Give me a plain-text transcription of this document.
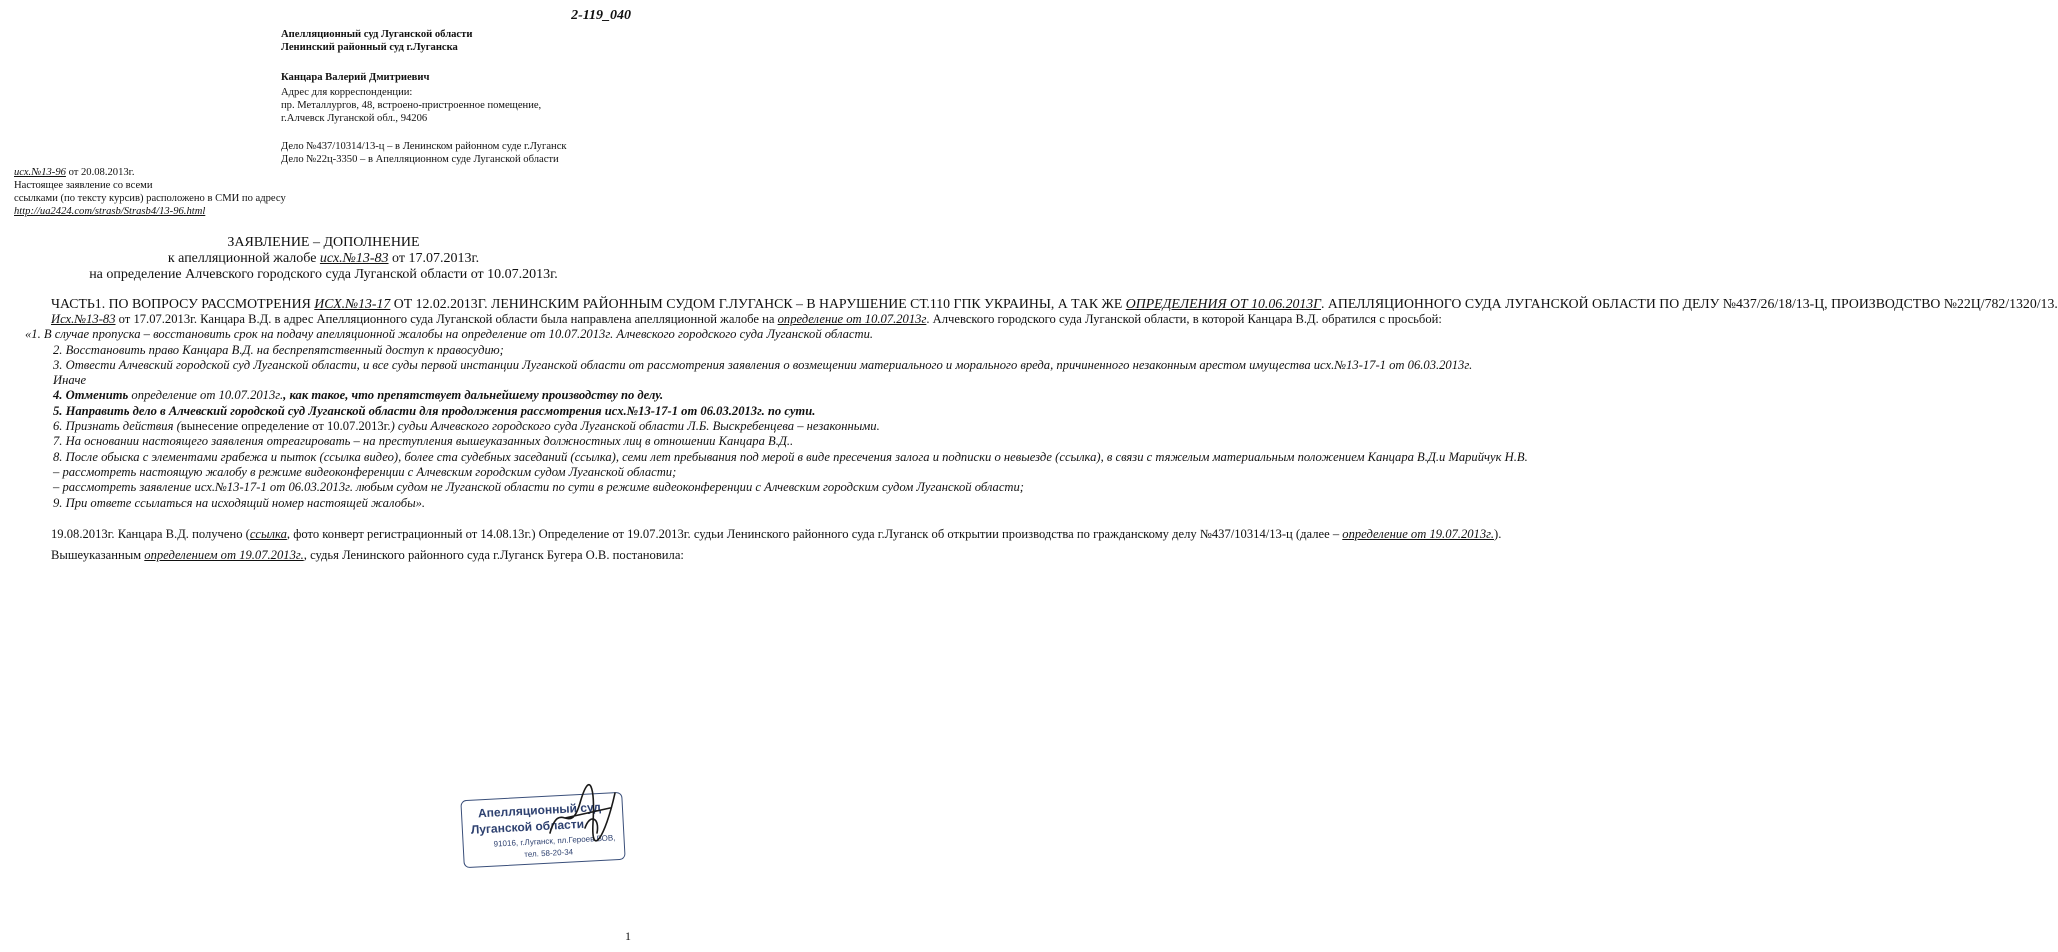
2-119_040
Апелляционный суд Луганской области
Ленинский районный суд г.Луганска
Канцара Валерий Дмитриевич
Адрес для корреспонденции:
пр. Металлургов, 48, встроено-пристроенное помещение,
г.Алчевск Луганской обл., 94206
Дело №437/10314/13-ц – в Ленинском районном суде г.Луганск
Дело №22ц-3350 – в Апелляционном суде Луганской области
исх.№13-96 от 20.08.2013г.
Настоящее заявление со всеми
ссылками (по тексту курсив) расположено в СМИ по адресу
http://ua2424.com/strasb/Strasb4/13-96.html
ЗАЯВЛЕНИЕ – ДОПОЛНЕНИЕ
к апелляционной жалобе исх.№13-83 от 17.07.2013г.
на определение Алчевского городского суда Луганской области от 10.07.2013г.

ЧАСТЬ1. ПО ВОПРОСУ РАССМОТРЕНИЯ ИСХ.№13-17 ОТ 12.02.2013Г. ЛЕНИНСКИМ РАЙОННЫМ СУДОМ Г.ЛУГАНСК – В НАРУШЕНИЕ СТ.110 ГПК УКРАИНЫ, А ТАК ЖЕ ОПРЕДЕЛЕНИЯ ОТ 10.06.2013Г. АПЕЛЛЯЦИОННОГО СУДА ЛУГАНСКОЙ ОБЛАСТИ ПО ДЕЛУ №437/26/18/13-Ц, ПРОИЗВОДСТВО №22Ц/782/1320/13.

Исх.№13-83 от 17.07.2013г. Канцара В.Д. в адрес Апелляционного суда Луганской области была направлена апелляционной жалобе на определение от 10.07.2013г. Алчевского городского суда Луганской области, в которой Канцара В.Д. обратился с просьбой:

«1. В случае пропуска – восстановить срок на подачу апелляционной жалобы на определение от 10.07.2013г. Алчевского городского суда Луганской области.

2. Восстановить право Канцара В.Д. на беспрепятственный доступ к правосудию;

3. Отвести Алчевский городской суд Луганской области, и все суды первой инстанции Луганской области от рассмотрения заявления о возмещении материального и морального вреда, причиненного незаконным арестом имущества исх.№13-17-1 от 06.03.2013г.

Иначе

4. Отменить определение от 10.07.2013г., как такое, что препятствует дальнейшему производству по делу.

5. Направить дело в Алчевский городской суд Луганской области для продолжения рассмотрения исх.№13-17-1 от 06.03.2013г. по сути.

6. Признать действия (вынесение определение от 10.07.2013г.) судьи Алчевского городского суда Луганской области Л.Б. Выскребенцева – незаконными.

7. На основании настоящего заявления отреагировать – на преступления вышеуказанных должностных лиц в отношении Канцара В.Д..

8. После обыска с элементами грабежа и пыток (ссылка видео), более ста судебных заседаний (ссылка), семи лет пребывания под мерой в виде пресечения залога и подписки о невыезде (ссылка), в связи с тяжелым материальным положением Канцара В.Д.и Марийчук Н.В.

– рассмотреть настоящую жалобу в режиме видеоконференции с Алчевским городским судом Луганской области;

– рассмотреть заявление исх.№13-17-1 от 06.03.2013г. любым судом не Луганской области по сути в режиме видеоконференции с Алчевским городским судом Луганской области;

9. При ответе ссылаться на исходящий номер настоящей жалобы».

19.08.2013г. Канцара В.Д. получено (ссылка, фото конверт регистрационный от 14.08.13г.) Определение от 19.07.2013г. судьи Ленинского районного суда г.Луганск об открытии производства по гражданскому делу №437/10314/13-ц (далее – определение от 19.07.2013г.).

Вышеуказанным определением от 19.07.2013г., судья Ленинского районного суда г.Луганск Бугера О.В. постановила:

Апелляционный суд
Луганской области
91016, г.Луганск, пл.Героев ВОВ,
тел. 58-20-34
1
